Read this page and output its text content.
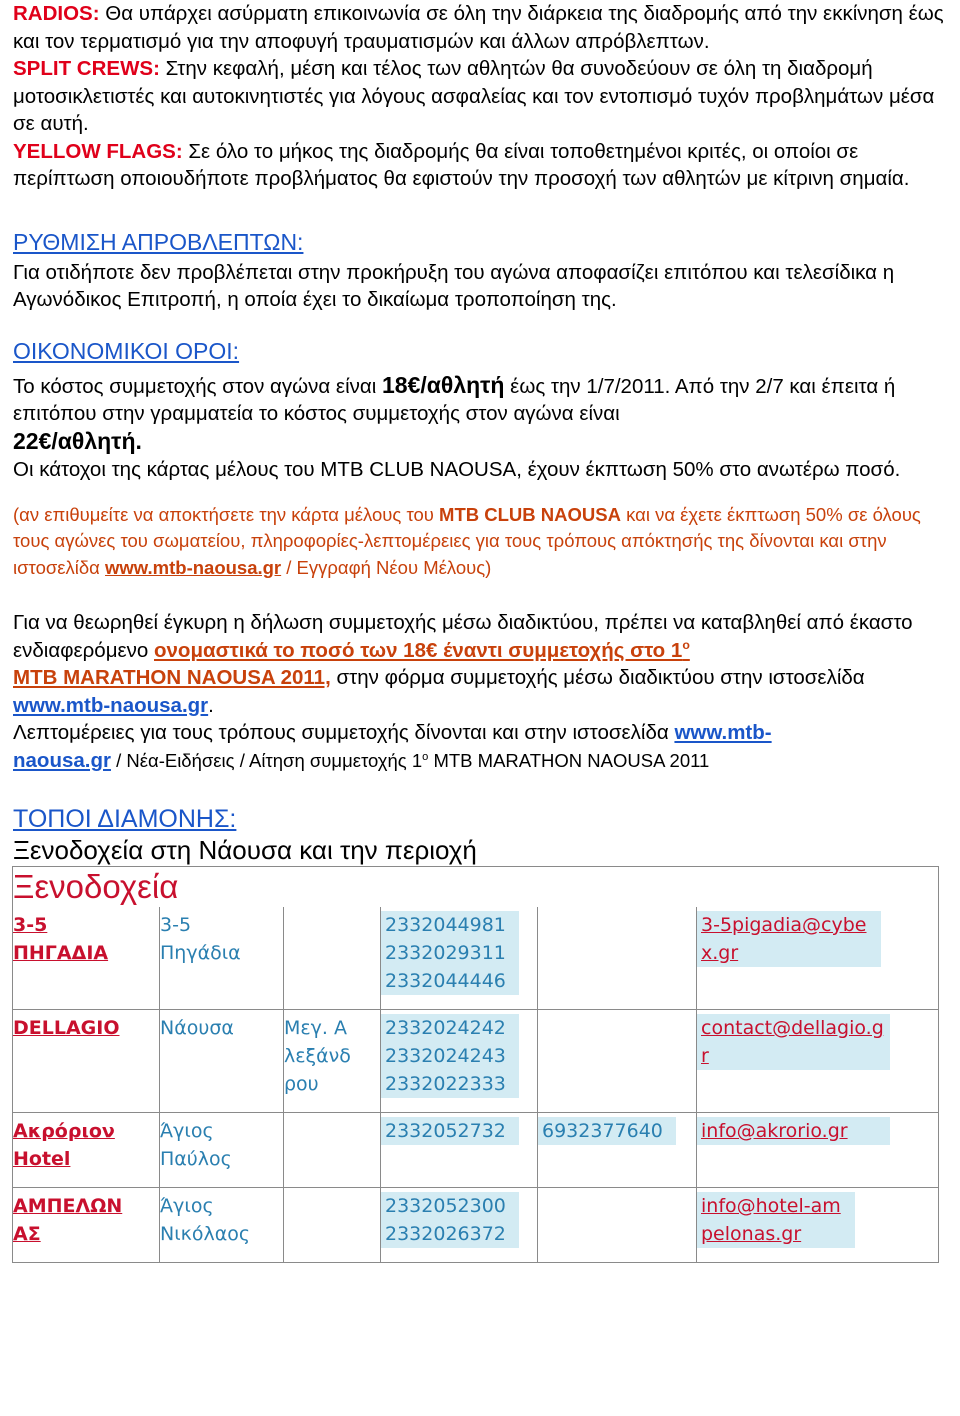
RADIOS: Θα υπάρχει ασύρματη επικοινωνία σε όλη την διάρκεια της διαδρομής από την εκκίνηση έως και τον τερματισμό για την αποφυγή τραυματισμών και άλλων απρόβλεπτων.
SPLIT CREWS: Στην κεφαλή, μέση και τέλος των αθλητών θα συνοδεύουν σε όλη τη διαδρομή μοτοσικλετιστές και αυτοκινητιστές για λόγους ασφαλείας και τον εντοπισμό τυχόν προβλημάτων μέσα σε αυτή.
YELLOW FLAGS: Σε όλο το μήκος της διαδρομής θα είναι τοποθετημένοι κριτές, οι οποίοι σε περίπτωση οποιουδήποτε προβλήματος θα εφιστούν την προσοχή των αθλητών με κίτρινη σημαία.

ΡΥΘΜΙΣΗ ΑΠΡΟΒΛΕΠΤΩΝ:

Για οτιδήποτε δεν προβλέπεται στην προκήρυξη του αγώνα αποφασίζει επιτόπου και τελεσίδικα η Αγωνόδικος Επιτροπή, η οποία έχει το δικαίωμα τροποποίηση της.

ΟΙΚΟΝΟΜΙΚΟΙ ΟΡΟΙ:

Το κόστος συμμετοχής στον αγώνα είναι 18€/αθλητή έως την 1/7/2011. Από την 2/7 και έπειτα ή επιτόπου στην γραμματεία το κόστος συμμετοχής στον αγώνα είναι
22€/αθλητή.
Οι κάτοχοι της κάρτας μέλους του MTB CLUB NAOUSA, έχουν έκπτωση 50% στο ανωτέρω ποσό.

(αν επιθυμείτε να αποκτήσετε την κάρτα μέλους του MTB CLUB NAOUSA και να έχετε έκπτωση 50% σε όλους τους αγώνες του σωματείου, πληροφορίες-λεπτομέρειες για τους τρόπους απόκτησής της δίνονται και στην ιστοσελίδα www.mtb-naousa.gr / Εγγραφή Νέου Μέλους)

Για να θεωρηθεί έγκυρη η δήλωση συμμετοχής μέσω διαδικτύου, πρέπει να καταβληθεί από έκαστο ενδιαφερόμενο ονομαστικά το ποσό των 18€ έναντι συμμετοχής στο $1^o$
MTB MARATHON NAOUSA 2011, στην φόρμα συμμετοχής μέσω διαδικτύου στην ιστοσελίδα www.mtb-naousa.gr.
Λεπτομέρειες για τους τρόπους συμμετοχής δίνονται και στην ιστοσελίδα www.mtb-
naousa.gr / Νέα-Ειδήσεις / Αίτηση συμμετοχής $1^o$ MTB MARATHON NAOUSA 2011

ΤΟΠΟΙ ΔΙΑΜΟΝΗΣ:

Ξενοδοχεία στη Νάουσα και την περιοχή

Ξενοδοχεία					

3-5 ΠΗΓΑΔΙΑ	3-5 Πηγάδια		2332044981 2332029311 2332044446		3-5pigadia@cybex.gr

DELLAGIO	Νάουσα	Μεγ. Αλεξάνδρου	2332024242 2332024243 2332022333		contact@dellagio.gr

Ακρόριον Hotel	Άγιος Παύλος		2332052732	6932377640	info@akrorio.gr

ΑΜΠΕΛΩΝΑΣ	Άγιος Νικόλαος		2332052300 2332026372		info@hotel-ampelonas.gr
